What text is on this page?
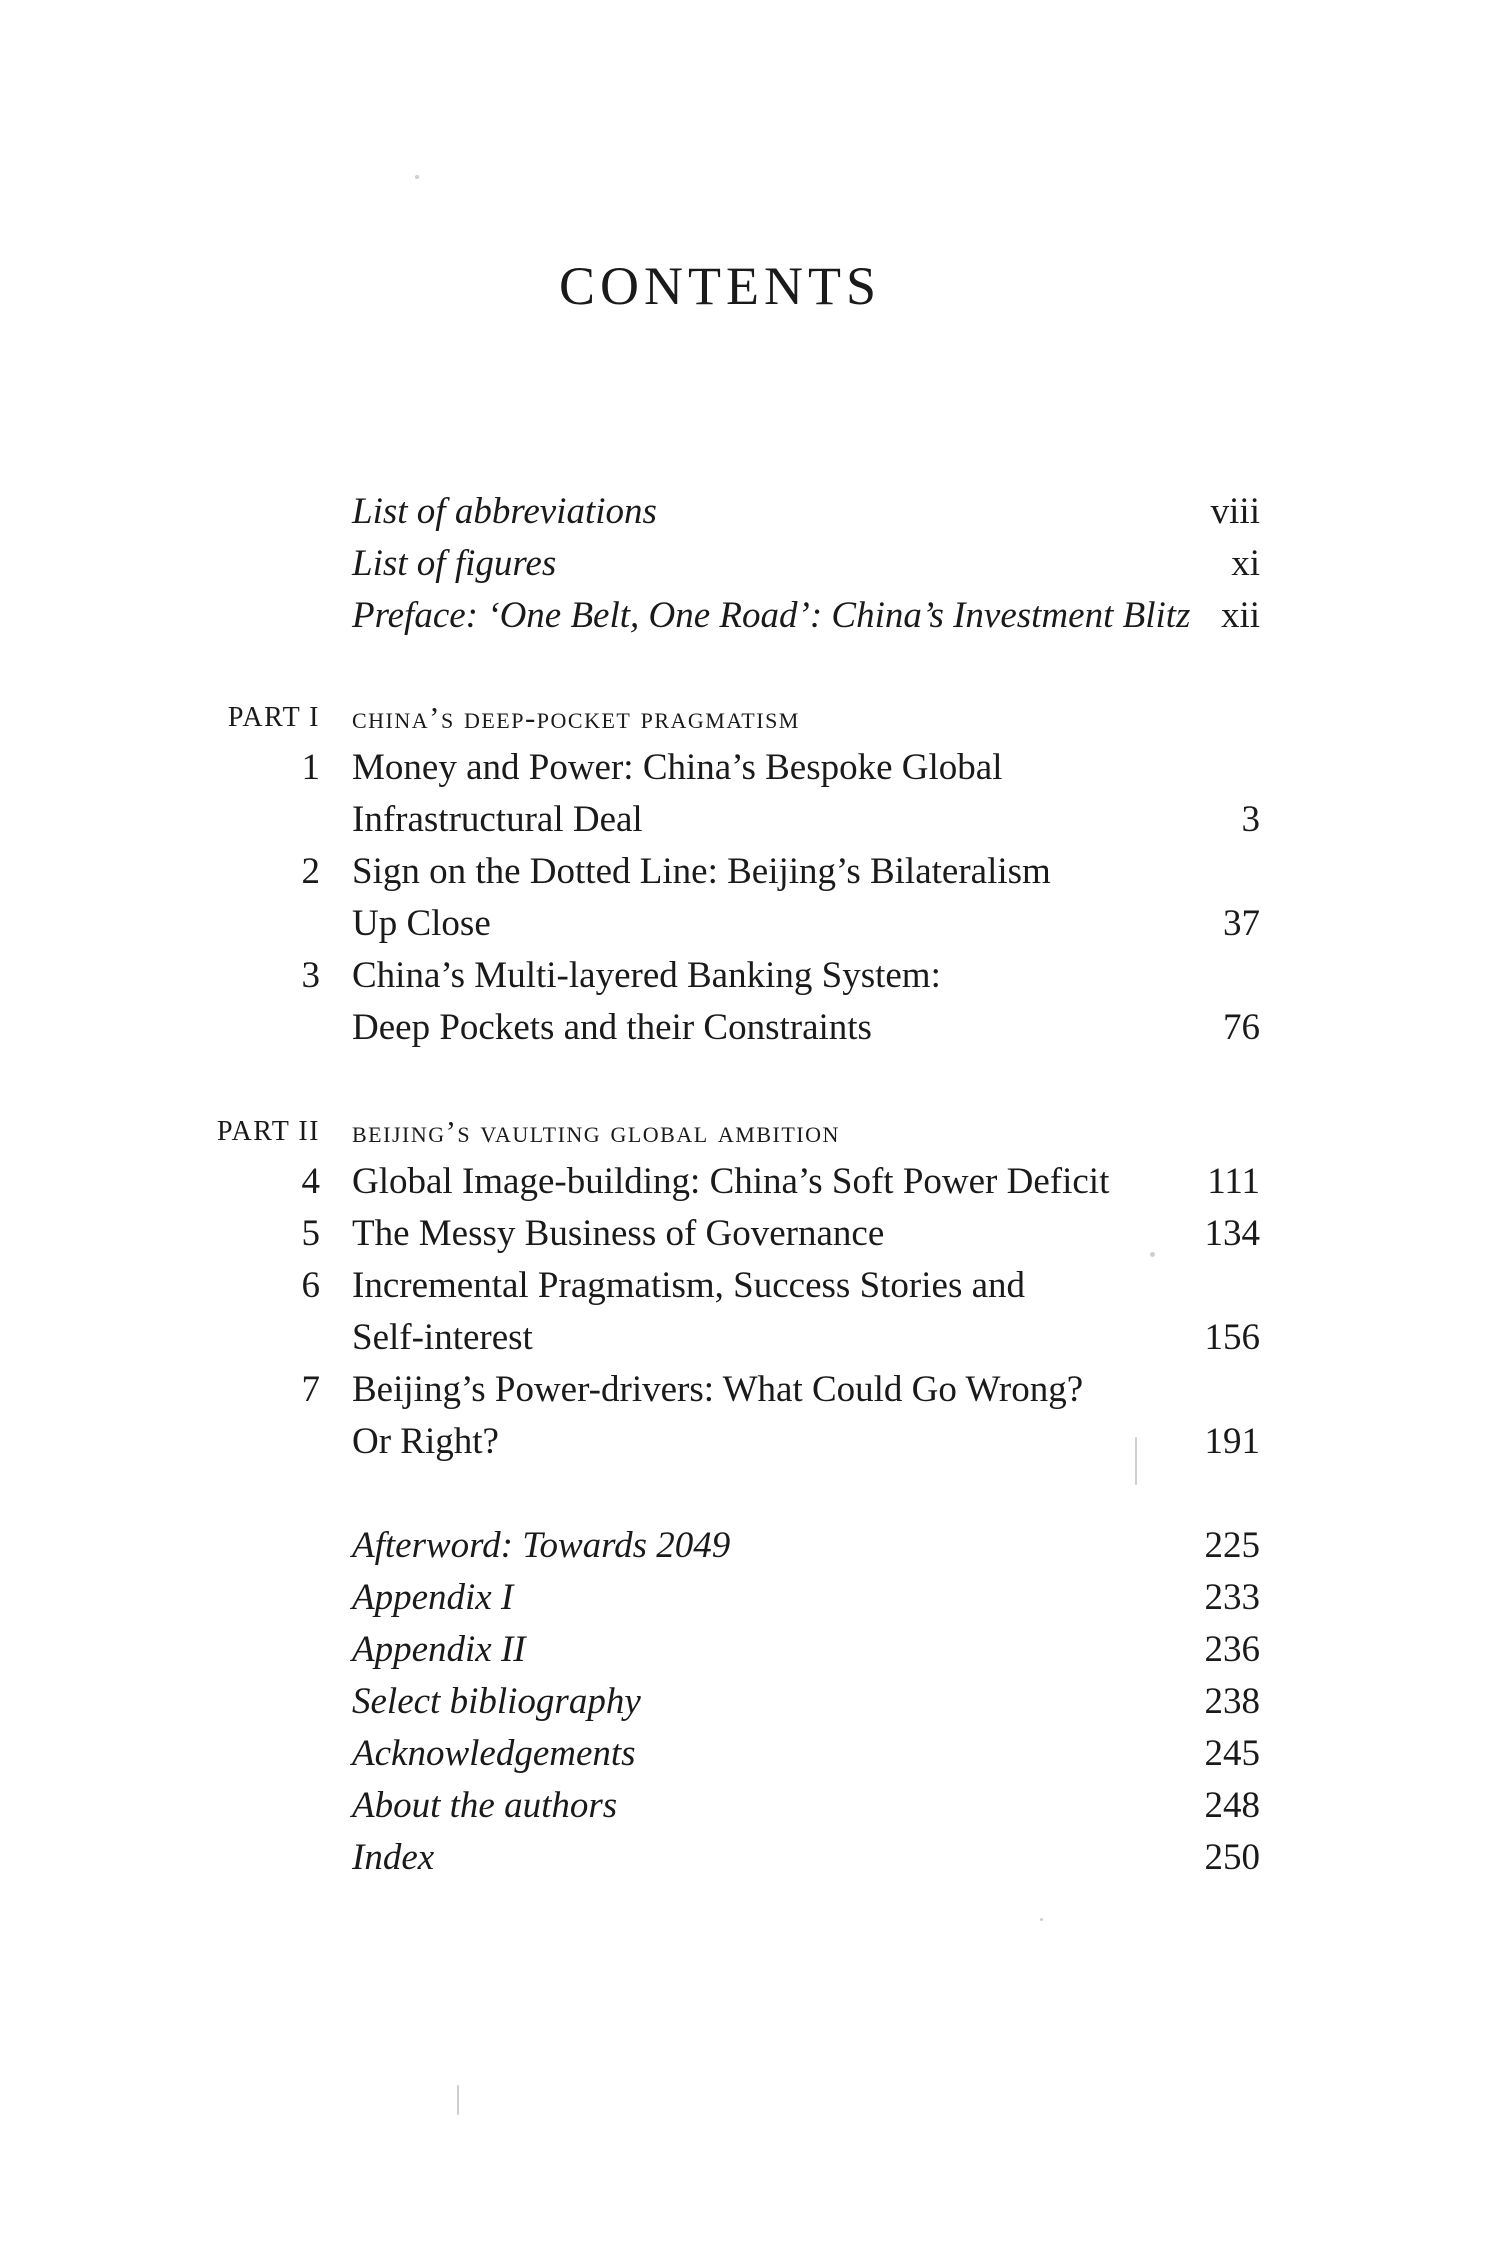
CONTENTS
List of abbreviations	viii
List of figures	xi
Preface: ‘One Belt, One Road’: China’s Investment Blitz xii
PART I china’s deep-pocket pragmatism
1 Money and Power: China’s Bespoke Global
Infrastructural Deal	3
2 Sign on the Dotted Line: Beijing’s Bilateralism
Up Close	37
3 China’s Multi-layered Banking System:
Deep Pockets and their Constraints	76
PART II beijing’s vaulting global ambition
4 Global Image-building: China’s Soft Power Deficit	111
5 The Messy Business of Governance	134
6 Incremental Pragmatism, Success Stories and
Self-interest	156
7 Beijing’s Power-drivers: What Could Go Wrong?
Or Right?	191
Afterword: Towards 2049	225
Appendix I	233
Appendix II	236
Select bibliography	238
Acknowledgements	245
About the authors	248
Index	250
